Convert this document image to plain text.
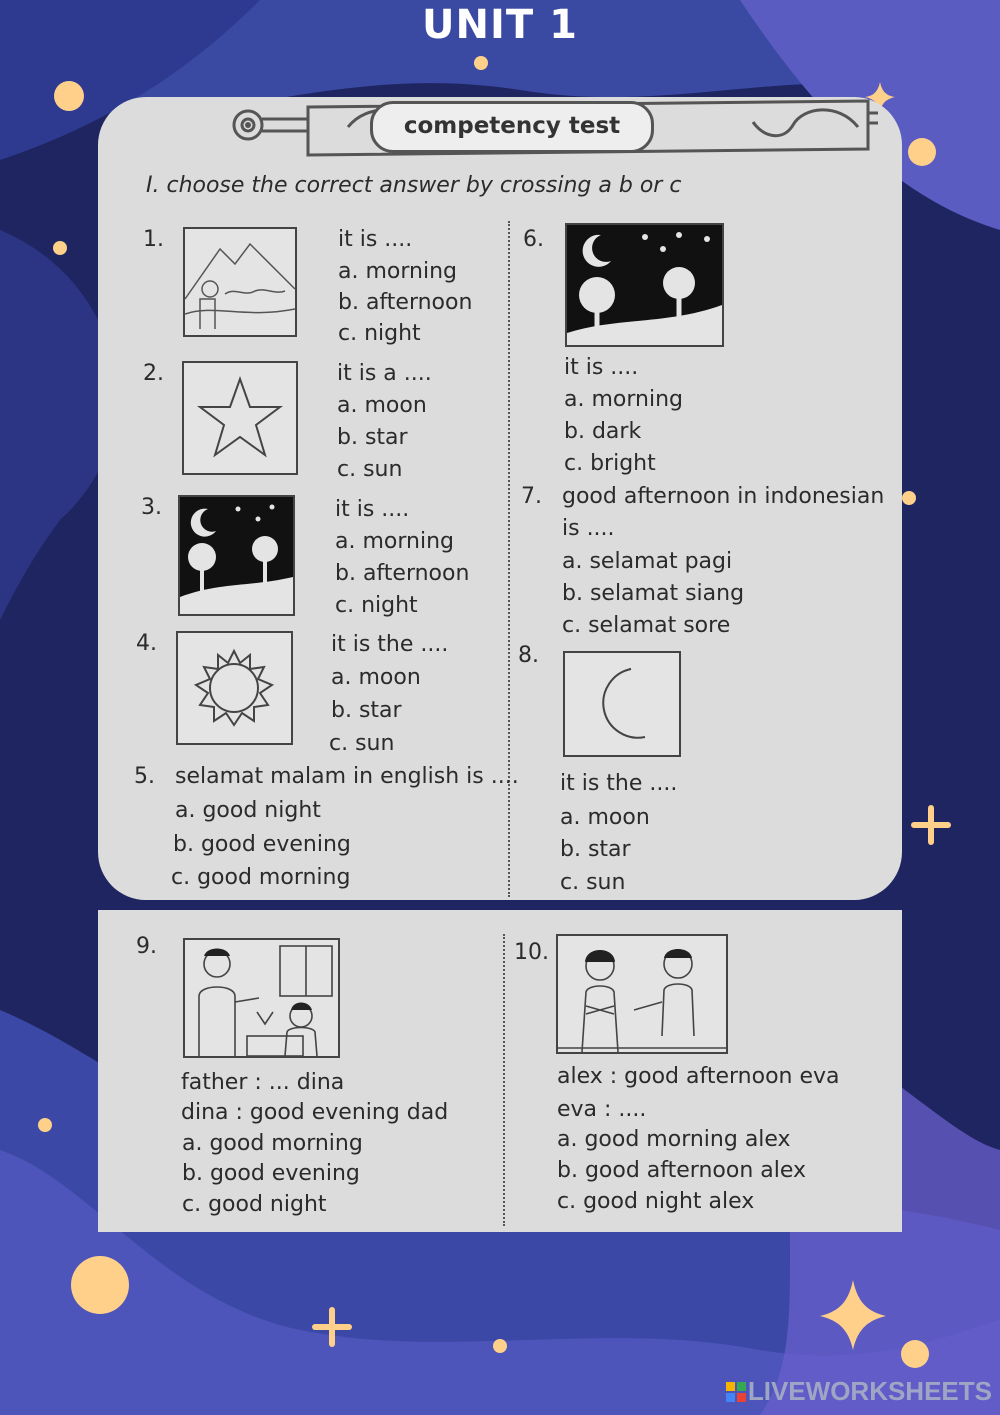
UNIT 1
competency test
I. choose the correct answer by crossing a b or c
1.	it is ....
a. morning
b. afternoon
c. night
2.	it is a ....
a. moon
b. star
c. sun
3.	it is ....
a. morning
b. afternoon
c. night
4.	it is the ....
a. moon
b. star
c. sun
5. selamat malam in english is ....
a. good night
b. good evening
c. good morning
6.
it is ....
a. morning
b. dark
c. bright
7. good afternoon in indonesian
is ....
a. selamat pagi
b. selamat siang
c. selamat sore
8.
it is the ....
a. moon
b. star
c. sun
9.
father : ... dina
dina : good evening dad
a. good morning
b. good evening
c. good night
10.
alex : good afternoon eva
eva : ....
a. good morning alex
b. good afternoon alex
c. good night alex
LIVEWORKSHEETS
